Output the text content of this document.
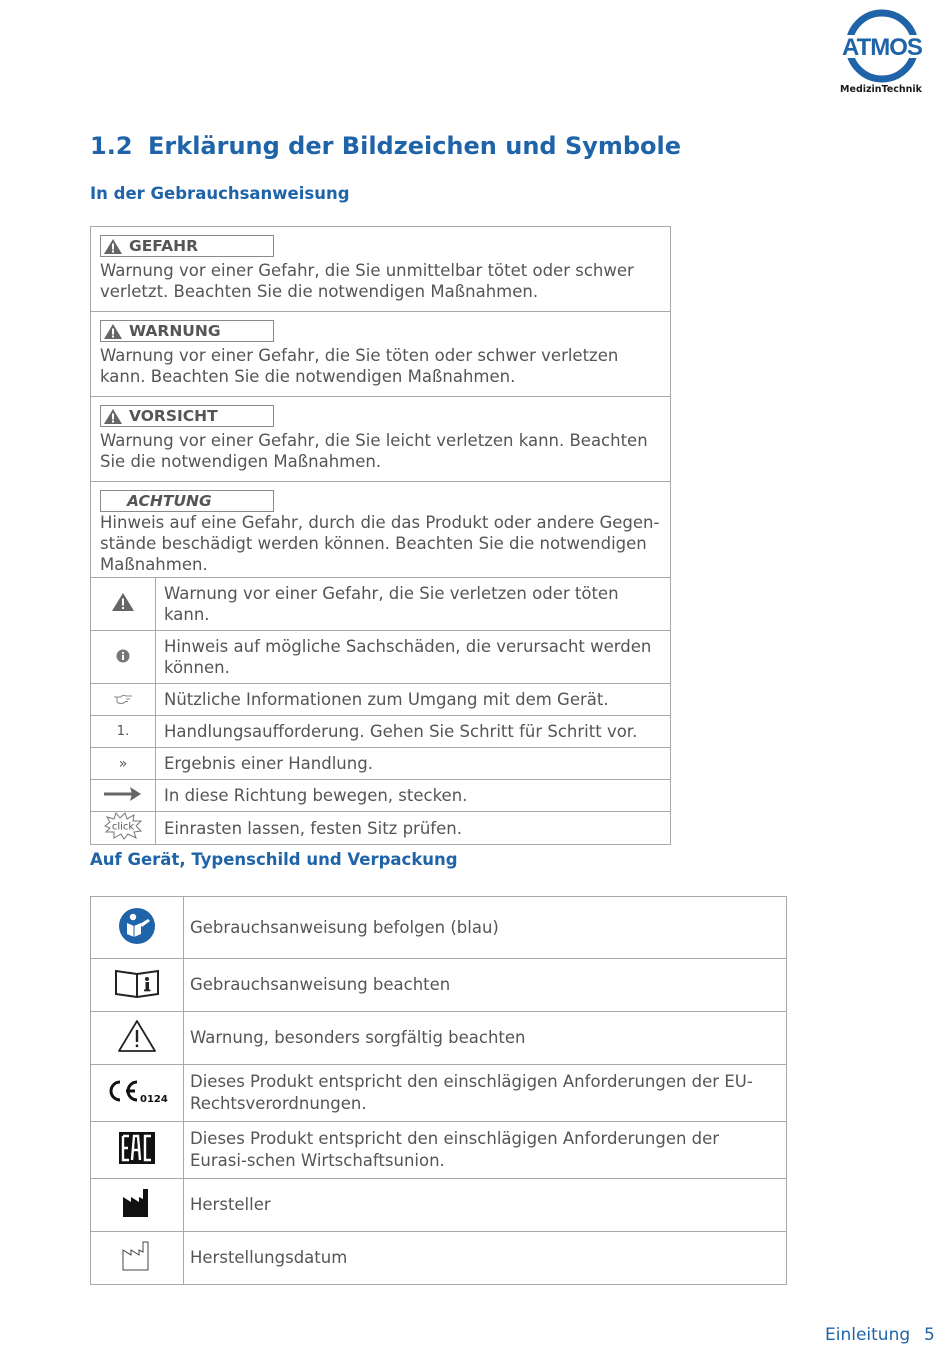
ATMOS
MedizinTechnik
1.2 Erklärung der Bildzeichen und Symbole
In der Gebrauchsanweisung
GEFAHR
Warnung vor einer Gefahr, die Sie unmittelbar tötet oder schwer verletzt. Beachten Sie die notwendigen Maßnahmen.	

WARNUNG
Warnung vor einer Gefahr, die Sie töten oder schwer verletzen kann. Beachten Sie die notwendigen Maßnahmen.	

VORSICHT
Warnung vor einer Gefahr, die Sie leicht verletzen kann. Beachten Sie die notwendigen Maßnahmen.	

ACHTUNG
Hinweis auf eine Gefahr, durch die das Produkt oder andere Gegen-stände beschädigt werden können. Beachten Sie die notwendigen Maßnahmen.	

	Warnung vor einer Gefahr, die Sie verletzen oder töten kann.
	Hinweis auf mögliche Sachschäden, die verursacht werden können.
	Nützliche Informationen zum Umgang mit dem Gerät.
1.	Handlungsaufforderung. Gehen Sie Schritt für Schritt vor.
»	Ergebnis einer Handlung.
	In diese Richtung bewegen, stecken.

click	Einrasten lassen, festen Sitz prüfen.
Auf Gerät, Typenschild und Verpackung
	Gebrauchsanweisung befolgen (blau)
	Gebrauchsanweisung beachten
	Warnung, besonders sorgfältig beachten

0124	Dieses Produkt entspricht den einschlägigen Anforderungen der EU-Rechtsverordnungen.
	Dieses Produkt entspricht den einschlägigen Anforderungen der Eurasi-schen Wirtschaftsunion.
	Hersteller
	Herstellungsdatum
Einleitung 5
